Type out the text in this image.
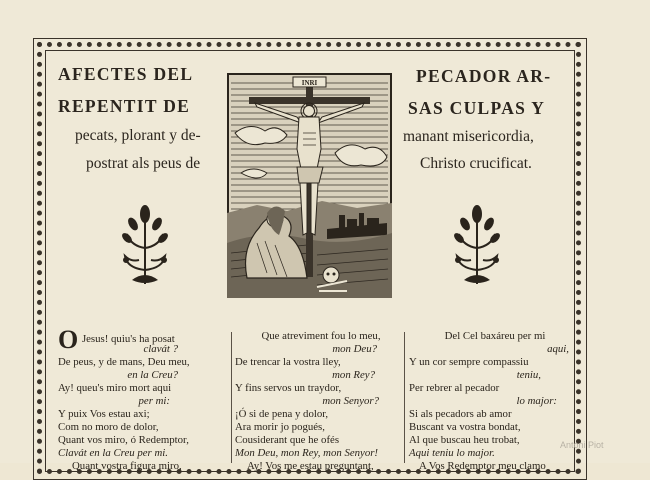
AFECTES DEL
REPENTIT DE
pecats, plorant y de-
postrat als peus de
PECADOR AR-
SAS CULPAS Y
manant misericordia,
Christo crucificat.
INRI
O Jesus! quiu's ha posat
clavát ?
De peus, y de mans, Deu meu,
en la Creu?
Ay! queu's miro mort aqui
per mi:
Y puix Vos estau axi;
Com no moro de dolor,
Quant vos miro, ó Redemptor,
Clavát en la Creu per mi.
Quant vostra figura miro,
Que atreviment fou lo meu,
mon Deu?
De trencar la vostra lley,
mon Rey?
Y fins servos un traydor,
mon Senyor?
¡Ó si de pena y dolor,
Ara morir jo pogués,
Cousiderant que he ofés
Mon Deu, mon Rey, mon Senyor!
Ay! Vos me estau preguntant,
Del Cel baxáreu per mi
aqui,
Y un cor sempre compassiu
teniu,
Per rebrer al pecador
lo major:
Si als pecadors ab amor
Buscant va vostra bondat,
Al que buscau heu trobat,
Aqui teniu lo major.
A Vos Redemptor meu clamo
Antoni Piot
